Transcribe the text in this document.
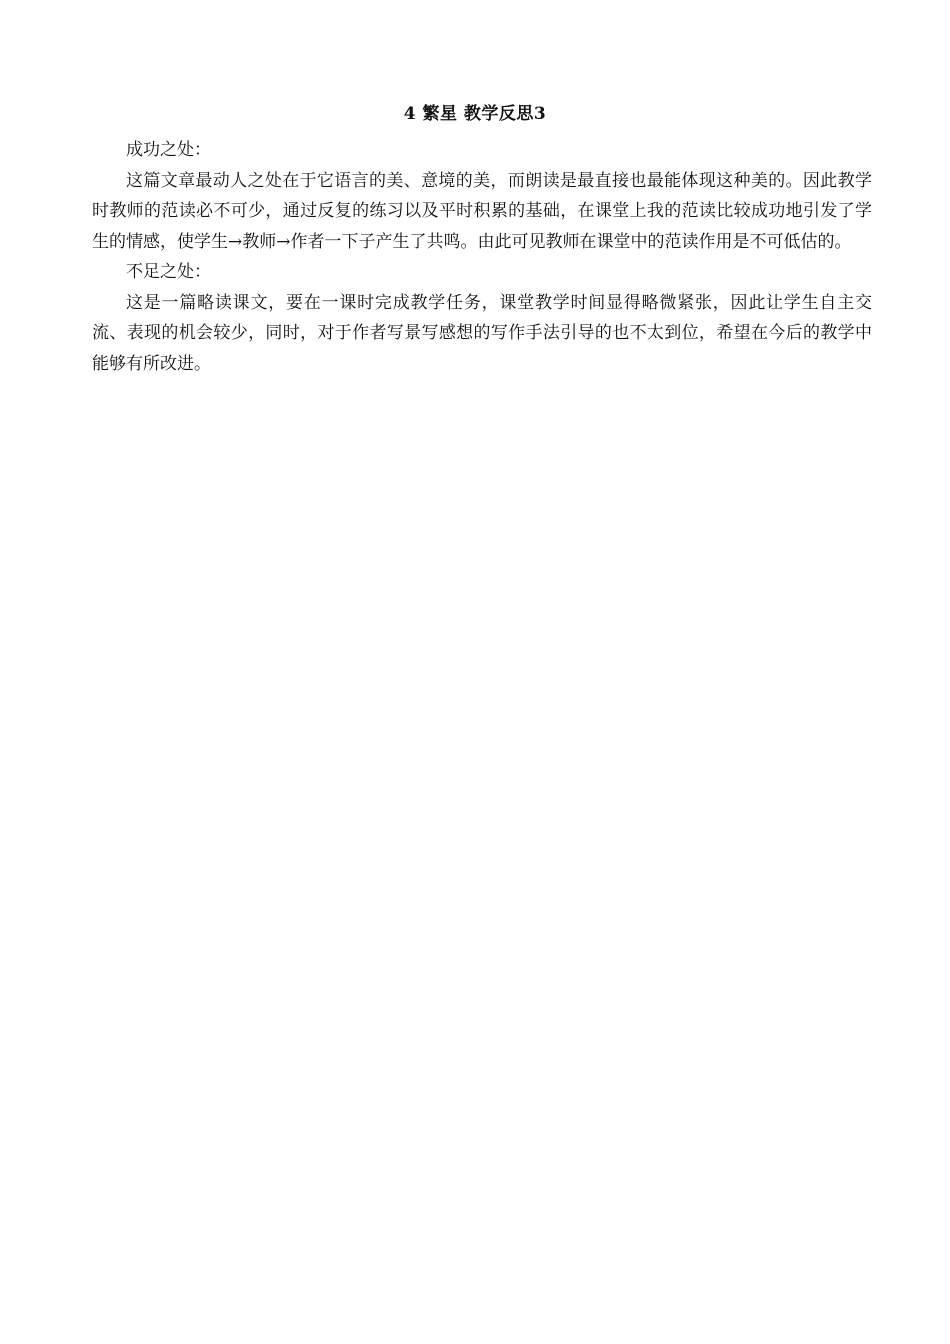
4 繁星 教学反思3

成功之处：

这篇文章最动人之处在于它语言的美、意境的美，而朗读是最直接也最能体现这种美的。因此教学时教师的范读必不可少，通过反复的练习以及平时积累的基础，在课堂上我的范读比较成功地引发了学生的情感，使学生→教师→作者一下子产生了共鸣。由此可见教师在课堂中的范读作用是不可低估的。

不足之处：

这是一篇略读课文，要在一课时完成教学任务，课堂教学时间显得略微紧张，因此让学生自主交流、表现的机会较少，同时，对于作者写景写感想的写作手法引导的也不太到位，希望在今后的教学中能够有所改进。
